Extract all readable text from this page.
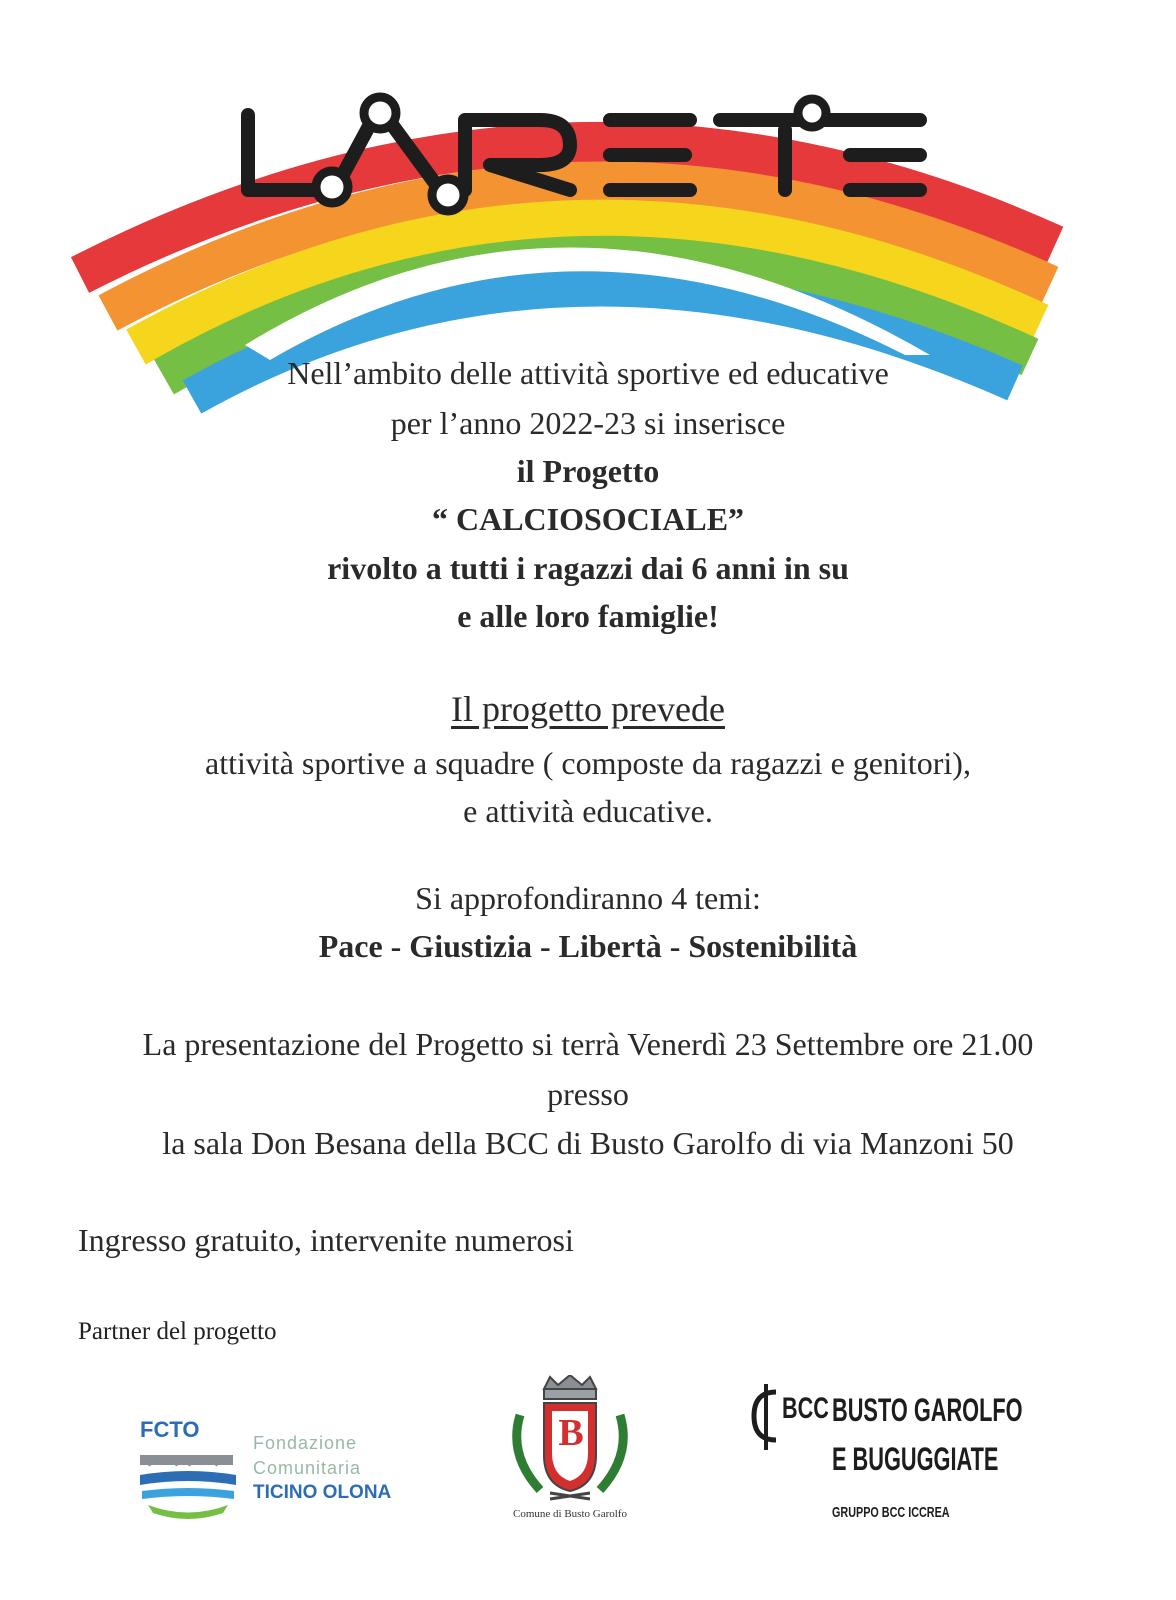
Nell’ambito delle attività sportive ed educative
per l’anno 2022-23 si inserisce
il Progetto
“ CALCIOSOCIALE”
rivolto a tutti i ragazzi dai 6 anni in su
e alle loro famiglie!
Il progetto prevede
attività sportive a squadre ( composte da ragazzi e genitori),
e attività educative.
Si approfondiranno 4 temi:
Pace - Giustizia - Libertà - Sostenibilità
La presentazione del Progetto si terrà Venerdì 23 Settembre ore 21.00
presso
la sala Don Besana della BCC di Busto Garolfo di via Manzoni 50
Ingresso gratuito, intervenite numerosi
Partner del progetto
FCTO
Fondazione
Comunitaria
TICINO OLONA
B
Comune di Busto Garolfo
BCC BUSTO GAROLFO
E BUGUGGIATE
GRUPPO BCC ICCREA
